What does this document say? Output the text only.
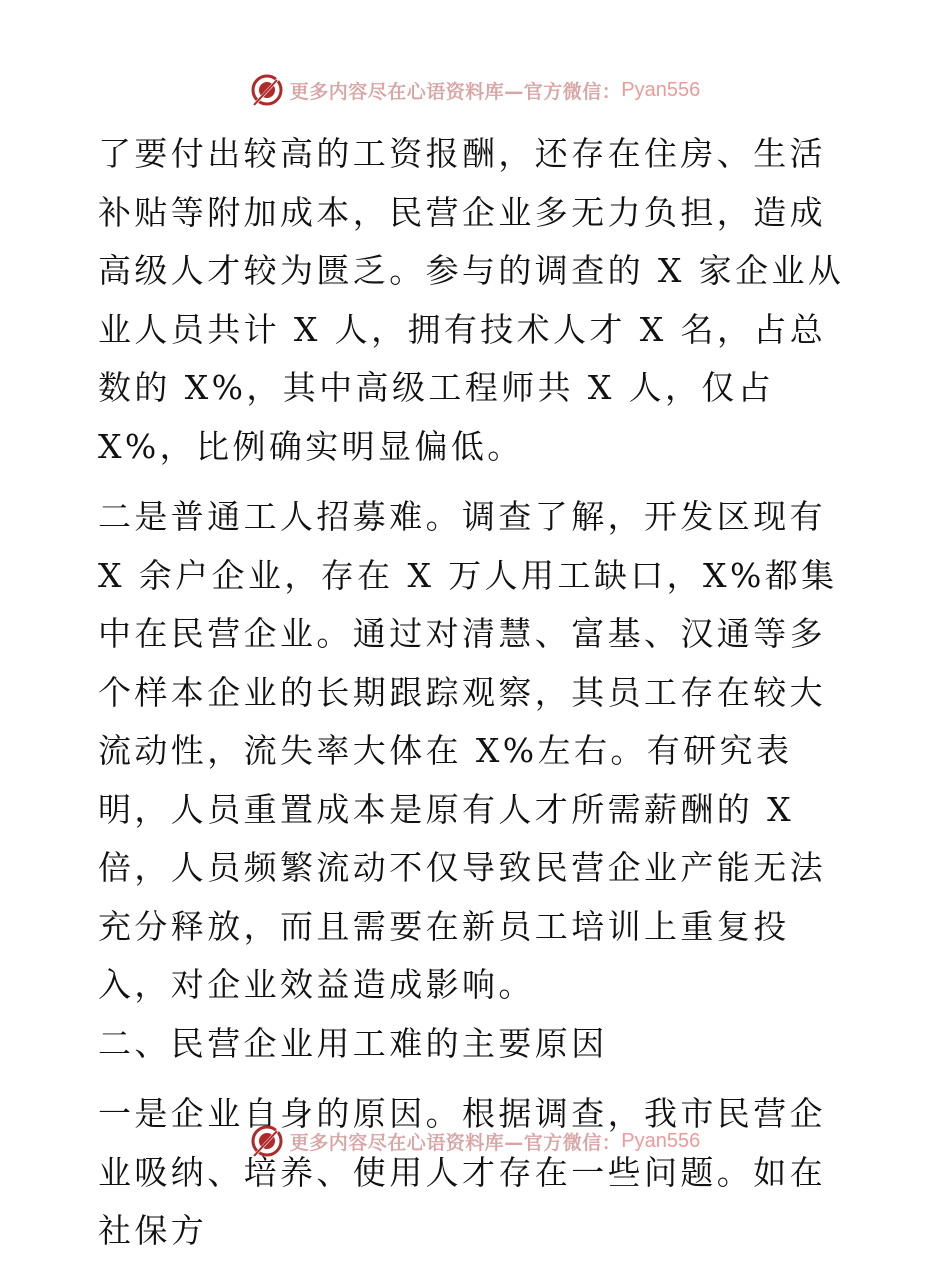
更多内容尽在心语资料库—官方微信： Pyan556

了要付出较高的工资报酬，还存在住房、生活补贴等附加成本，民营企业多无力负担，造成高级人才较为匮乏。参与的调查的 X 家企业从业人员共计 X 人，拥有技术人才 X 名，占总数的 X%，其中高级工程师共 X 人，仅占 X%，比例确实明显偏低。

二是普通工人招募难。调查了解，开发区现有 X 余户企业，存在 X 万人用工缺口，X%都集中在民营企业。通过对清慧、富基、汉通等多个样本企业的长期跟踪观察，其员工存在较大流动性，流失率大体在 X%左右。有研究表明，人员重置成本是原有人才所需薪酬的 X 倍，人员频繁流动不仅导致民营企业产能无法充分释放，而且需要在新员工培训上重复投入，对企业效益造成影响。

二、民营企业用工难的主要原因

一是企业自身的原因。根据调查，我市民营企业吸纳、培养、使用人才存在一些问题。如在社保方

更多内容尽在心语资料库—官方微信： Pyan556
